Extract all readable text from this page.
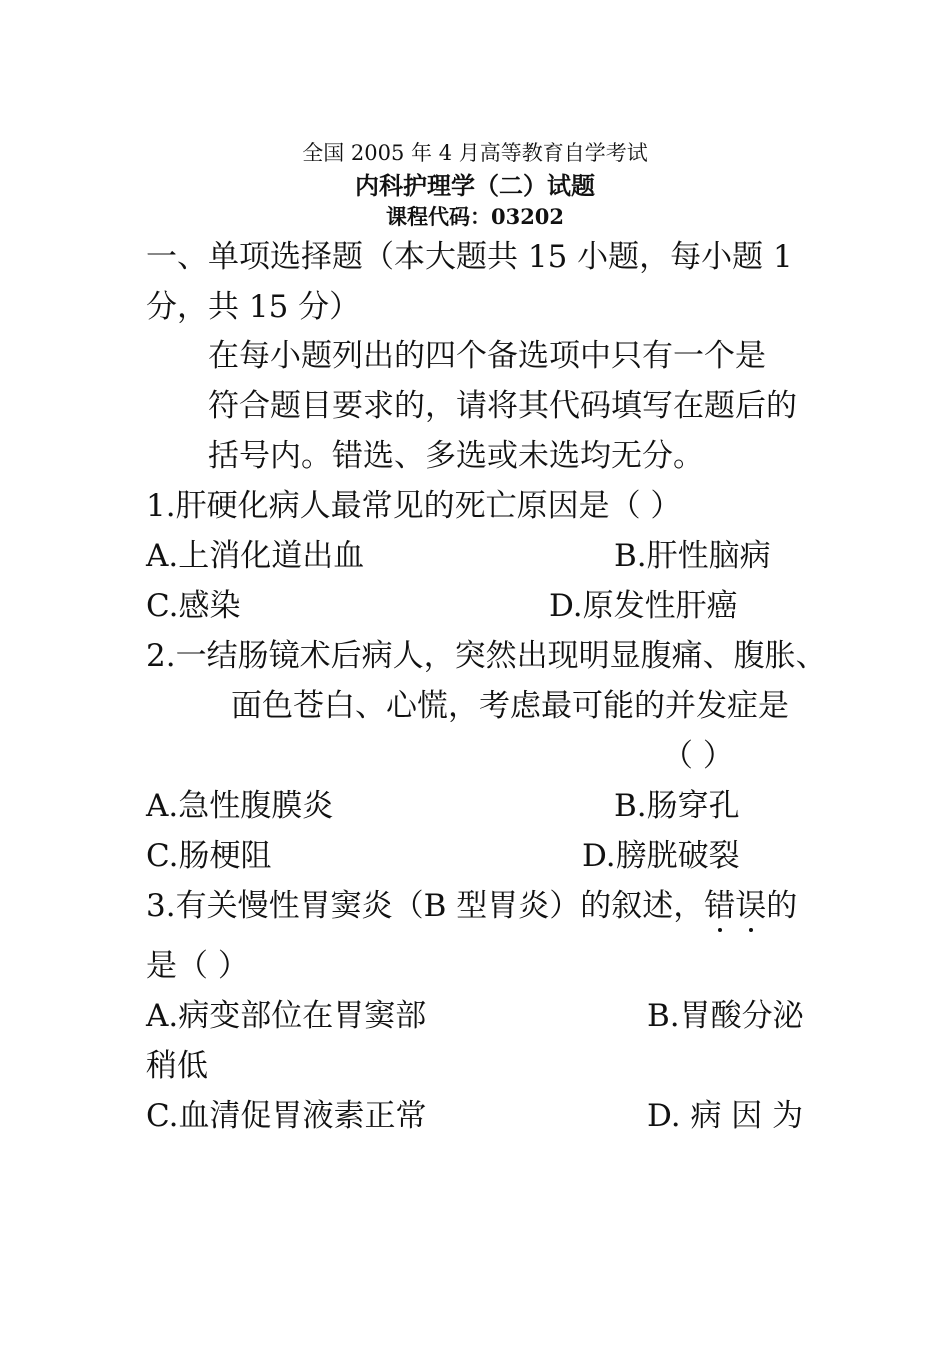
全国 2005 年 4 月高等教育自学考试
内科护理学（二）试题
课程代码：03202
一、单项选择题（本大题共 15 小题，每小题 1
分，共 15 分）
在每小题列出的四个备选项中只有一个是
符合题目要求的，请将其代码填写在题后的
括号内。错选、多选或未选均无分。
1.肝硬化病人最常见的死亡原因是（ ）
A.上消化道出血	B.肝性脑病
C.感染	D.原发性肝癌
2.一结肠镜术后病人，突然出现明显腹痛、腹胀、
面色苍白、心慌，考虑最可能的并发症是
（ ）
A.急性腹膜炎	B.肠穿孔
C.肠梗阻	D.膀胱破裂
3.有关慢性胃窦炎（B 型胃炎）的叙述，错误的
是（ ）
A.病变部位在胃窦部	B.胃酸分泌
稍低
C.血清促胃液素正常	D. 病 因 为
